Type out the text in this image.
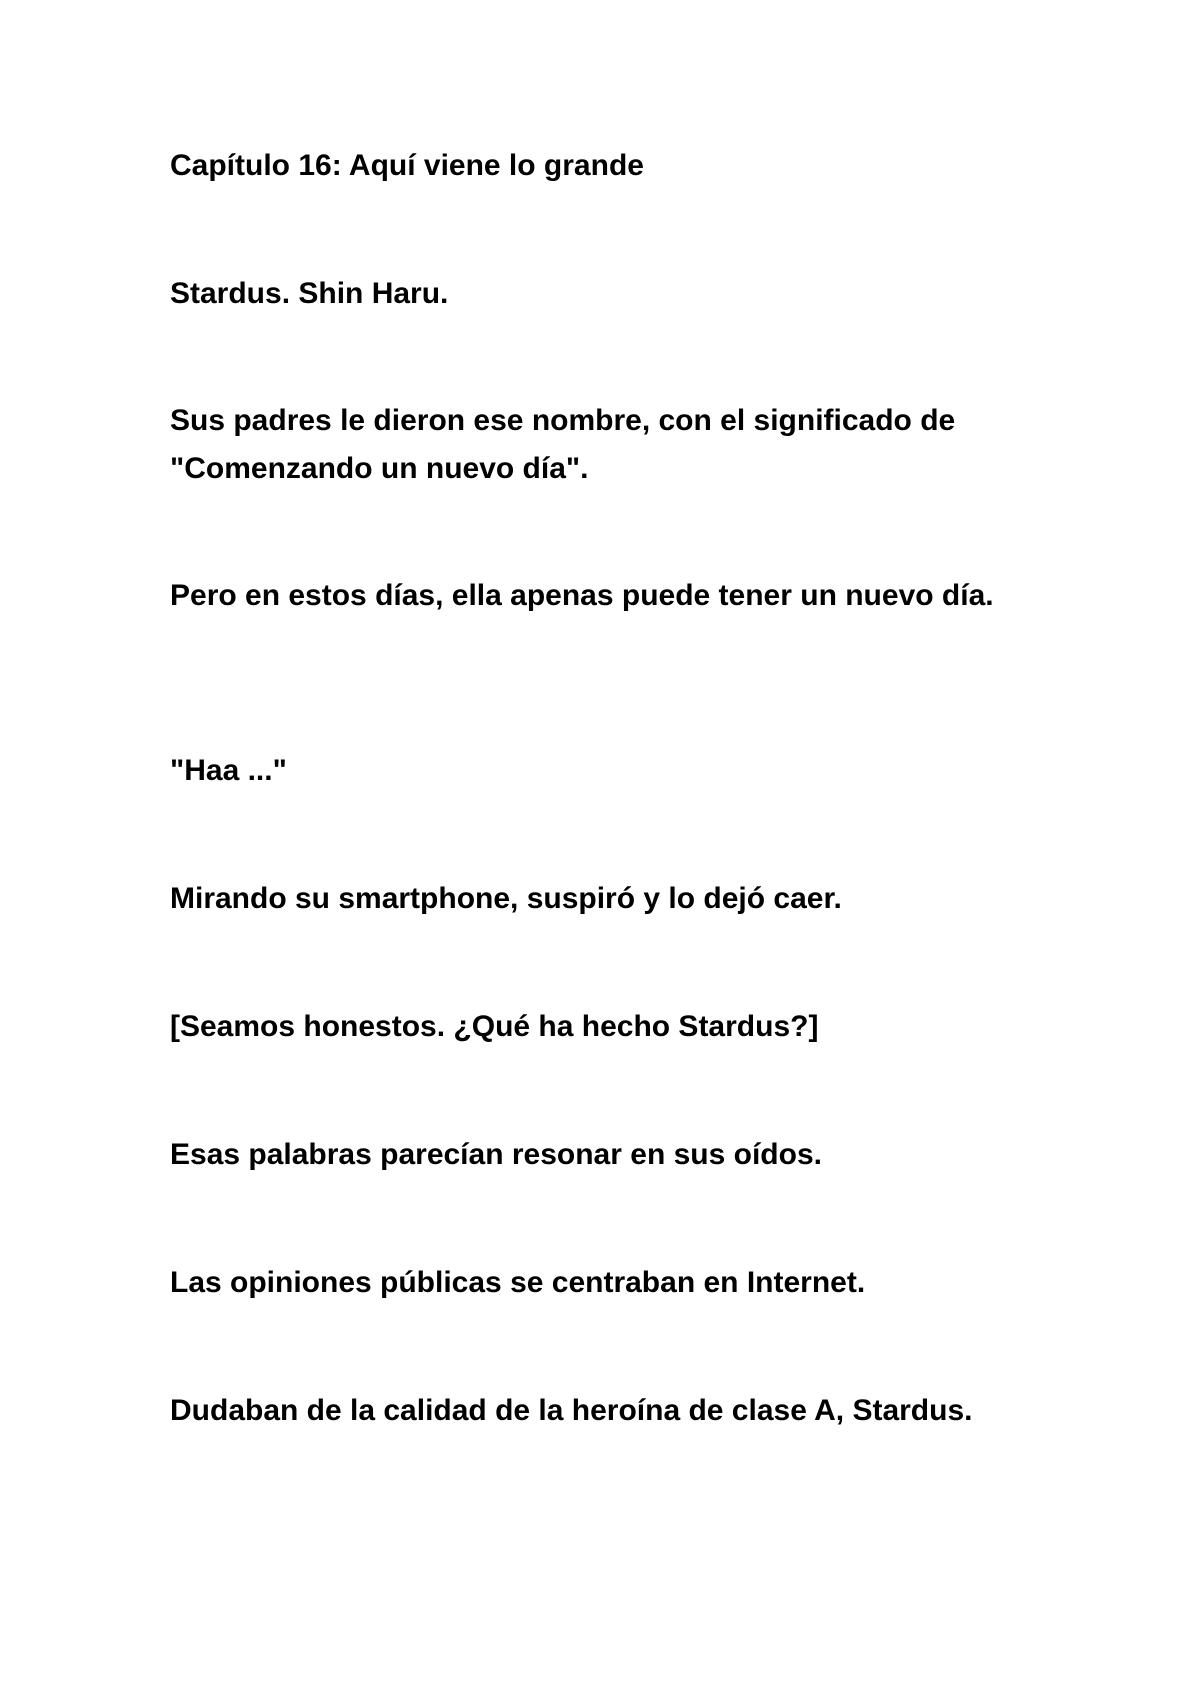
Capítulo 16: Aquí viene lo grande

Stardus. Shin Haru.

Sus padres le dieron ese nombre, con el significado de "Comenzando un nuevo día".

Pero en estos días, ella apenas puede tener un nuevo día.

"Haa ..."

Mirando su smartphone, suspiró y lo dejó caer.

[Seamos honestos. ¿Qué ha hecho Stardus?]

Esas palabras parecían resonar en sus oídos.

Las opiniones públicas se centraban en Internet.

Dudaban de la calidad de la heroína de clase A, Stardus.
